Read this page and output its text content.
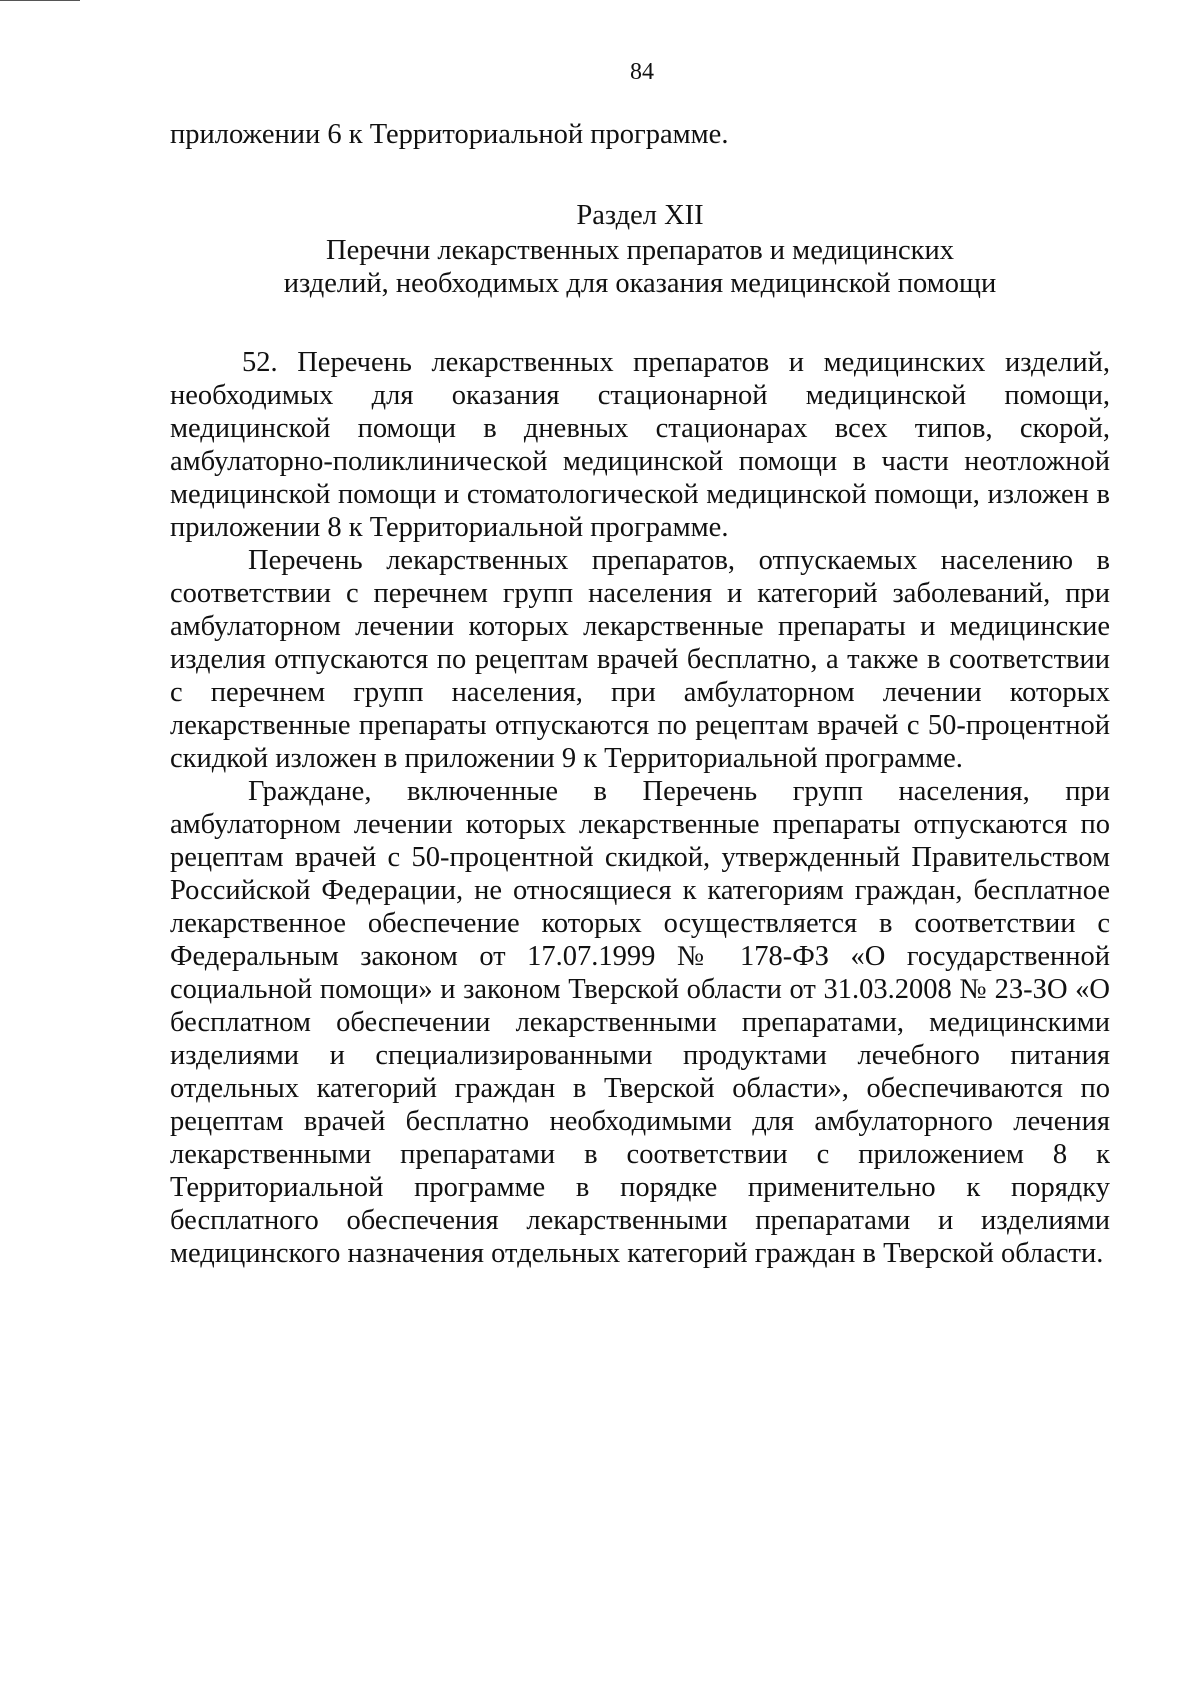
84

приложении 6 к Территориальной программе.

Раздел XII
Перечни лекарственных препаратов и медицинских
изделий, необходимых для оказания медицинской помощи

52. Перечень лекарственных препаратов и медицинских изделий, необходимых для оказания стационарной медицинской помощи, медицинской помощи в дневных стационарах всех типов, скорой, амбулаторно-поликлинической медицинской помощи в части неотложной медицинской помощи и стоматологической медицинской помощи, изложен в приложении 8 к Территориальной программе.

Перечень лекарственных препаратов, отпускаемых населению в соответствии с перечнем групп населения и категорий заболеваний, при амбулаторном лечении которых лекарственные препараты и медицинские изделия отпускаются по рецептам врачей бесплатно, а также в соответствии с перечнем групп населения, при амбулаторном лечении которых лекарственные препараты отпускаются по рецептам врачей с 50-процентной скидкой изложен в приложении 9 к Территориальной программе.

Граждане, включенные в Перечень групп населения, при амбулаторном лечении которых лекарственные препараты отпускаются по рецептам врачей с 50-процентной скидкой, утвержденный Правительством Российской Федерации, не относящиеся к категориям граждан, бесплатное лекарственное обеспечение которых осуществляется в соответствии с Федеральным законом от 17.07.1999 № 178-ФЗ «О государственной социальной помощи» и законом Тверской области от 31.03.2008 № 23-ЗО «О бесплатном обеспечении лекарственными препаратами, медицинскими изделиями и специализированными продуктами лечебного питания отдельных категорий граждан в Тверской области», обеспечиваются по рецептам врачей бесплатно необходимыми для амбулаторного лечения лекарственными препаратами в соответствии с приложением 8 к Территориальной программе в порядке применительно к порядку бесплатного обеспечения лекарственными препаратами и изделиями медицинского назначения отдельных категорий граждан в Тверской области.
